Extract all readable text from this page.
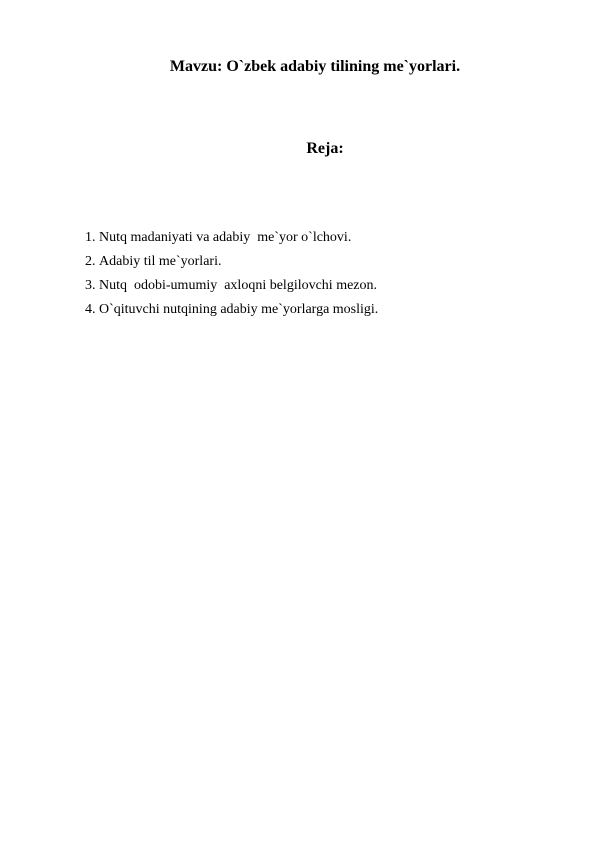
Mavzu: O`zbek adabiy tilining me`yorlari.
Reja:
1. Nutq madaniyati va adabiy  me`yor o`lchovi.
2. Adabiy til me`yorlari.
3. Nutq  odobi-umumiy  axloqni belgilovchi mezon.
4. O`qituvchi nutqining adabiy me`yorlarga mosligi.
